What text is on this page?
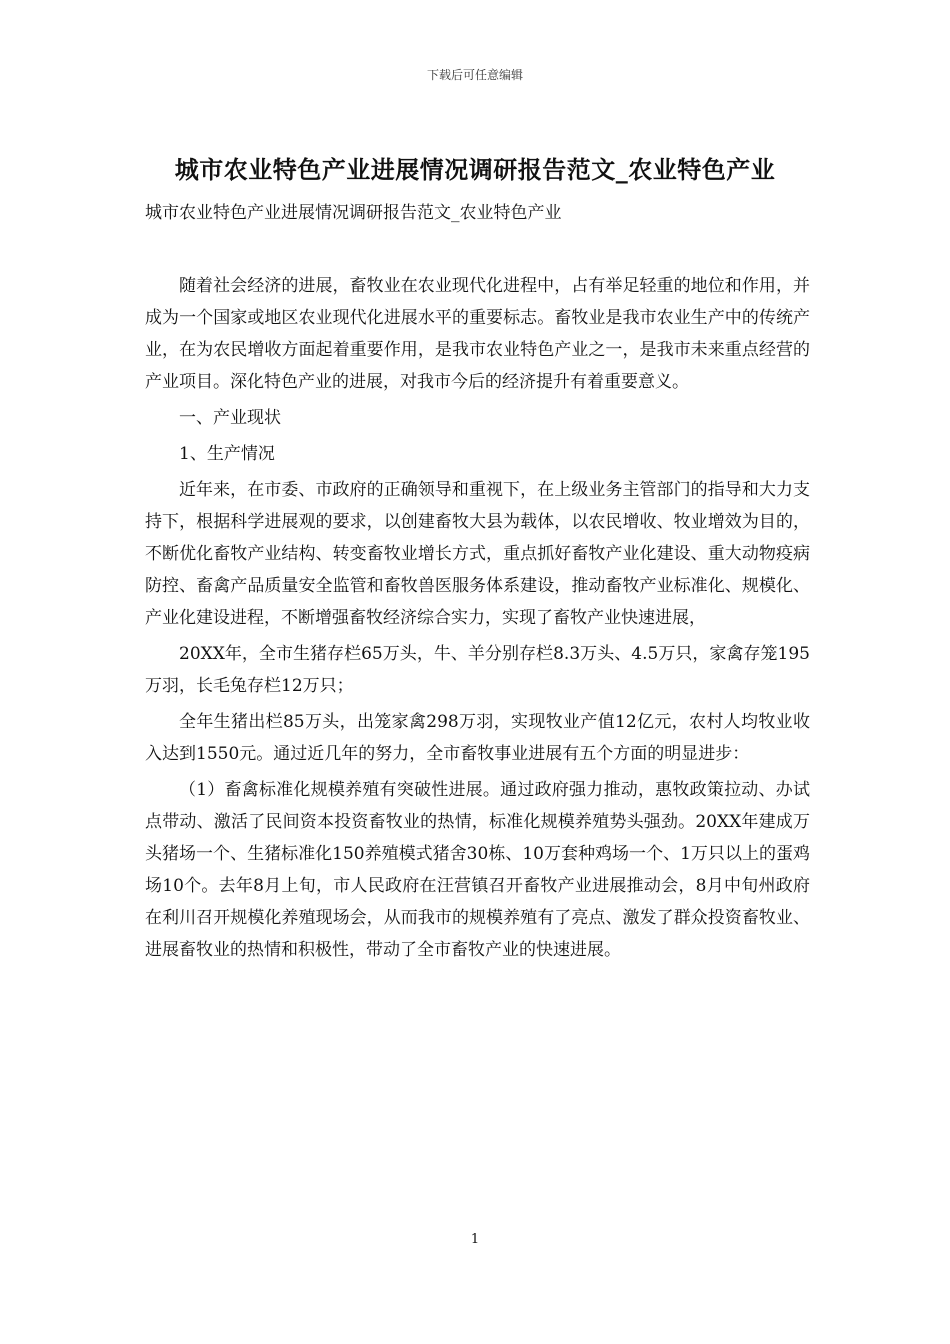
下载后可任意编辑
城市农业特色产业进展情况调研报告范文_农业特色产业
城市农业特色产业进展情况调研报告范文_农业特色产业

随着社会经济的进展，畜牧业在农业现代化进程中，占有举足轻重的地位和作用，并成为一个国家或地区农业现代化进展水平的重要标志。畜牧业是我市农业生产中的传统产业，在为农民增收方面起着重要作用，是我市农业特色产业之一，是我市未来重点经营的产业项目。深化特色产业的进展，对我市今后的经济提升有着重要意义。

一、产业现状

1、生产情况

近年来，在市委、市政府的正确领导和重视下，在上级业务主管部门的指导和大力支持下，根据科学进展观的要求，以创建畜牧大县为载体，以农民增收、牧业增效为目的，不断优化畜牧产业结构、转变畜牧业增长方式，重点抓好畜牧产业化建设、重大动物疫病防控、畜禽产品质量安全监管和畜牧兽医服务体系建设，推动畜牧产业标准化、规模化、产业化建设进程，不断增强畜牧经济综合实力，实现了畜牧产业快速进展，

20XX年，全市生猪存栏65万头，牛、羊分别存栏8.3万头、4.5万只，家禽存笼195万羽，长毛兔存栏12万只；

全年生猪出栏85万头，出笼家禽298万羽，实现牧业产值12亿元，农村人均牧业收入达到1550元。通过近几年的努力，全市畜牧事业进展有五个方面的明显进步：

（1）畜禽标准化规模养殖有突破性进展。通过政府强力推动，惠牧政策拉动、办试点带动、激活了民间资本投资畜牧业的热情，标准化规模养殖势头强劲。20XX年建成万头猪场一个、生猪标准化150养殖模式猪舍30栋、10万套种鸡场一个、1万只以上的蛋鸡场10个。去年8月上旬，市人民政府在汪营镇召开畜牧产业进展推动会，8月中旬州政府在利川召开规模化养殖现场会，从而我市的规模养殖有了亮点、激发了群众投资畜牧业、进展畜牧业的热情和积极性，带动了全市畜牧产业的快速进展。

1
